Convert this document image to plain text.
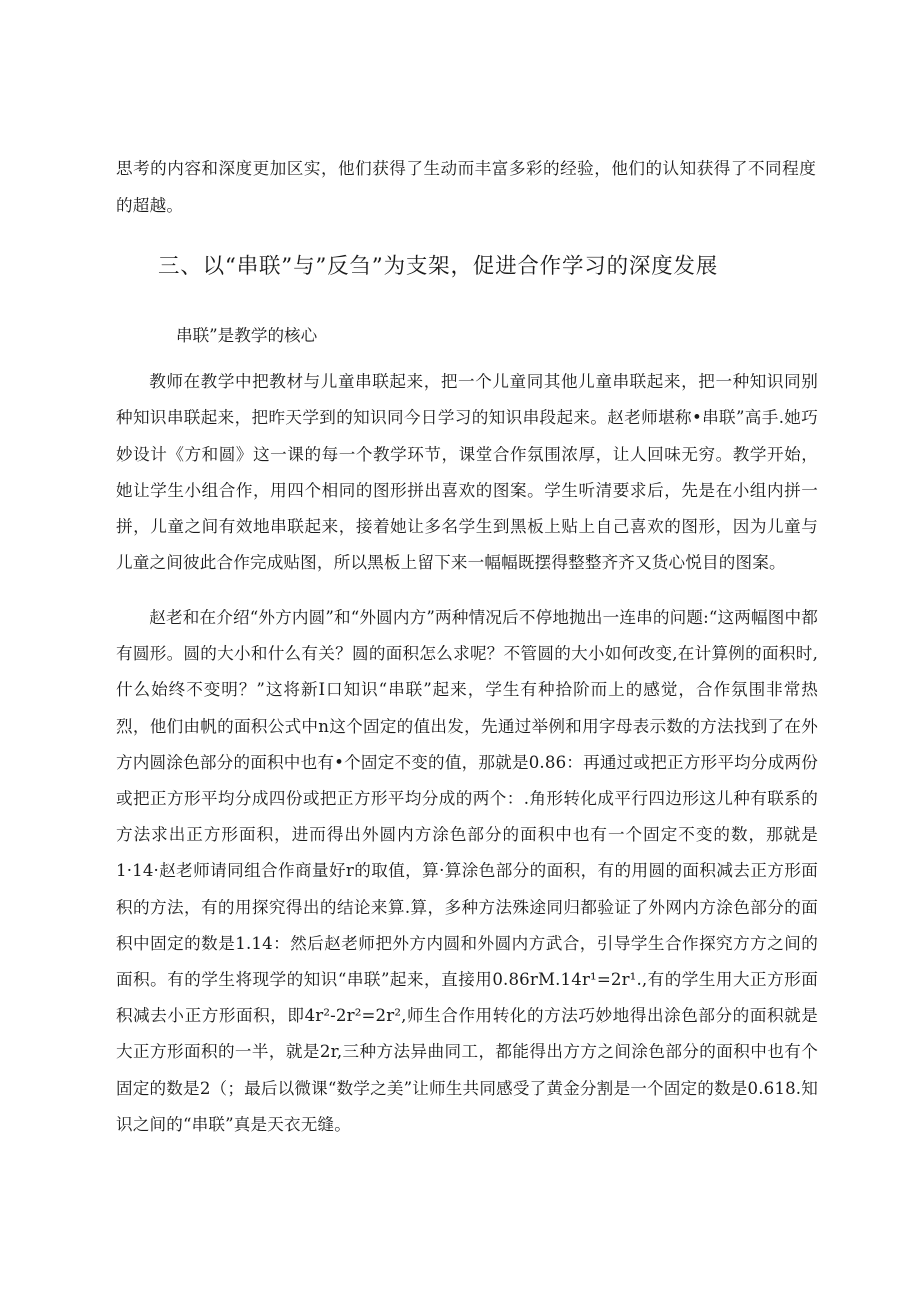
思考的内容和深度更加区实，他们获得了生动而丰富多彩的经验，他们的认知获得了不同程度的超越。
三、以“串联”与”反刍”为支架，促进合作学习的深度发展
串联”是教学的核心
教师在教学中把教材与儿童串联起来，把一个儿童同其他儿童串联起来，把一种知识同别种知识串联起来，把昨天学到的知识同今日学习的知识串段起来。赵老师堪称•串联”高手.她巧妙设计《方和圆》这一课的每一个教学环节，课堂合作氛围浓厚，让人回味无穷。教学开始，她让学生小组合作，用四个相同的图形拼出喜欢的图案。学生听清要求后，先是在小组内拼一拼，儿童之间有效地串联起来，接着她让多名学生到黑板上贴上自己喜欢的图形，因为儿童与儿童之间彼此合作完成贴图，所以黑板上留下来一幅幅既摆得整整齐齐又货心悦目的图案。
赵老和在介绍“外方内圆”和“外圆内方”两种情况后不停地抛出一连串的问题:“这两幅图中都有圆形。圆的大小和什么有关？圆的面积怎么求呢？不管圆的大小如何改变,在计算例的面积时,什么始终不变明？”这将新I口知识“串联”起来，学生有种拾阶而上的感觉，合作氛围非常热烈，他们由帆的面积公式中n这个固定的值出发，先通过举例和用字母表示数的方法找到了在外方内圆涂色部分的面积中也有•个固定不变的值，那就是0.86：再通过或把正方形平均分成两份或把正方形平均分成四份或把正方形平均分成的两个：.角形转化成平行四边形这儿种有联系的方法求出正方形面积，进而得出外圆内方涂色部分的面积中也有一个固定不变的数，那就是1·14·赵老师请同组合作商量好r的取值，算·算涂色部分的面积，有的用圆的面积减去正方形面积的方法，有的用探究得出的结论来算.算，多种方法殊途同归都验证了外网内方涂色部分的面积中固定的数是1.14：然后赵老师把外方内圆和外圆内方武合，引导学生合作探究方方之间的面积。有的学生将现学的知识“串联”起来，直接用0.86rM.14r¹=2r¹.,有的学生用大正方形面积减去小正方形面积，即4r²-2r²=2r²,师生合作用转化的方法巧妙地得出涂色部分的面积就是大正方形面积的一半，就是2r,三种方法异曲同工，都能得出方方之间涂色部分的面积中也有个固定的数是2（；最后以微课“数学之美”让师生共同感受了黄金分割是一个固定的数是0.618.知识之间的“串联”真是天衣无缝。
